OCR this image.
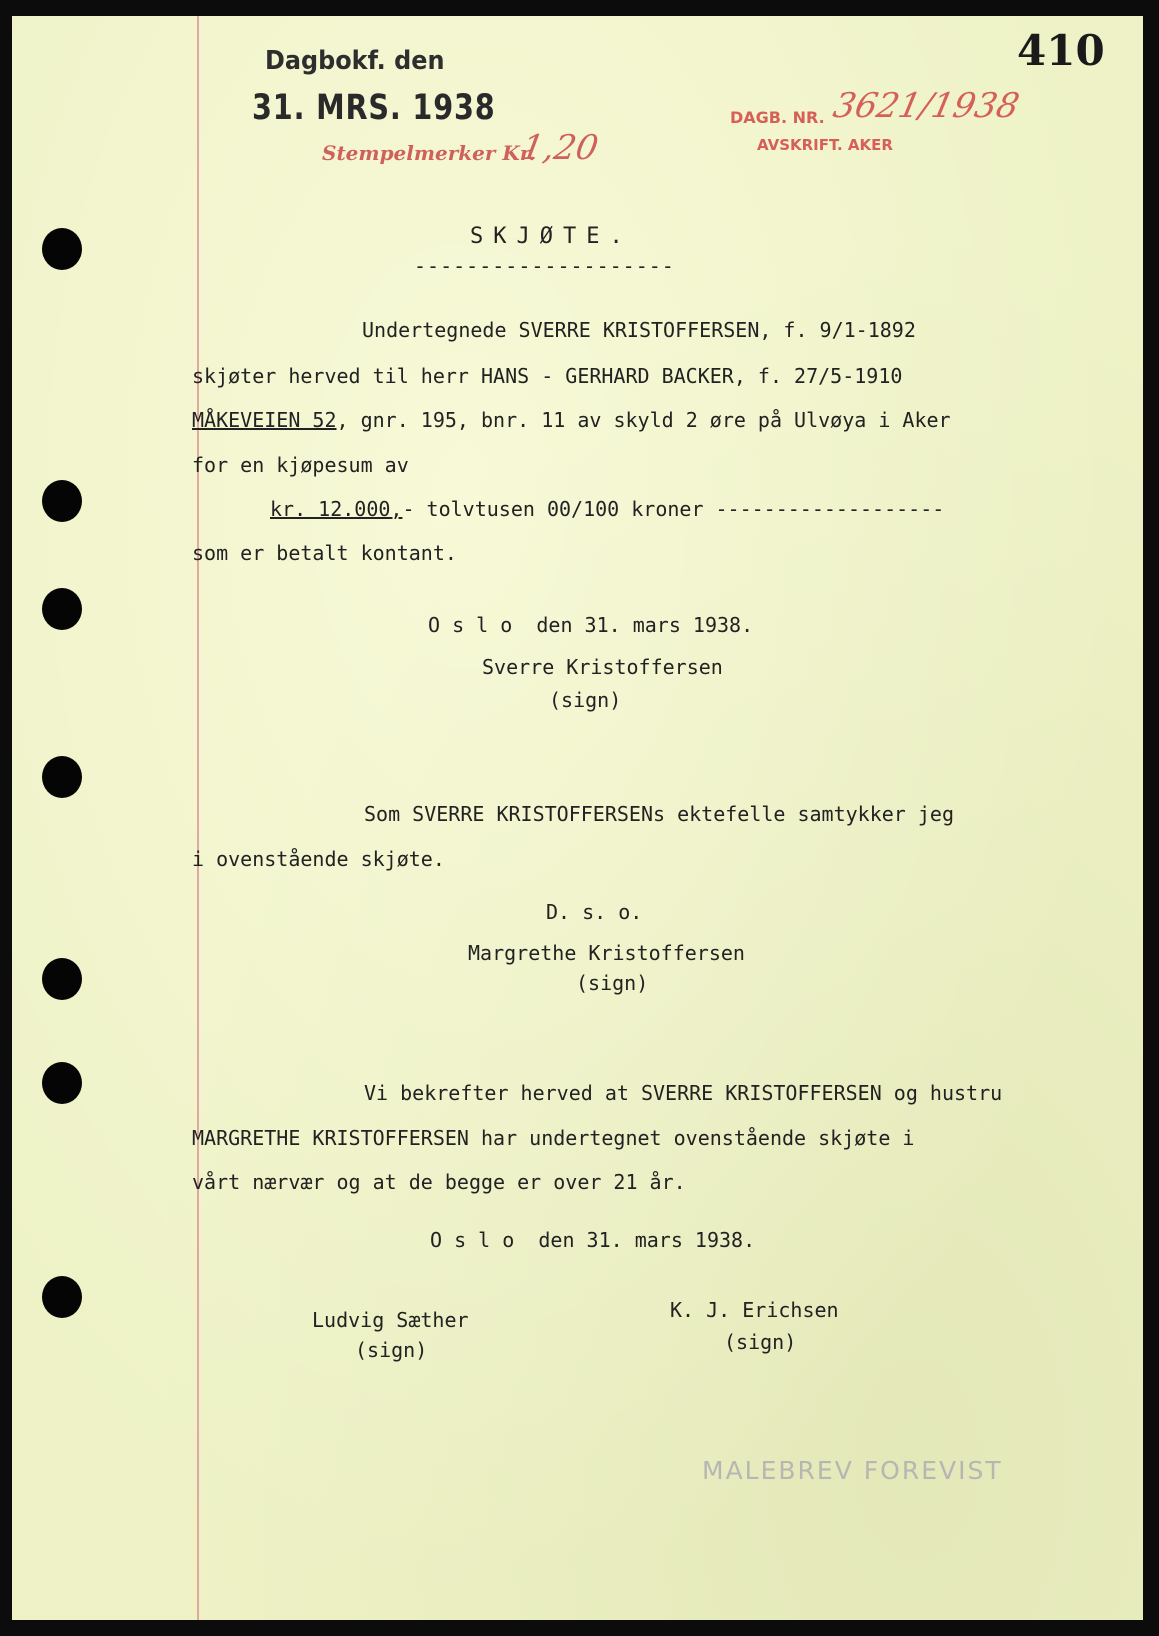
Dagbokf. den
31. MRS. 1938
Stempelmerker Kr.
1,20
DAGB. NR. 3621/1938
AVSKRIFT. AKER
410
SKJØTE.
--------------------
Undertegnede SVERRE KRISTOFFERSEN, f. 9/1-1892
skjøter herved til herr HANS - GERHARD BACKER, f. 27/5-1910
MÅKEVEIEN 52, gnr. 195, bnr. 11 av skyld 2 øre på Ulvøya i Aker
for en kjøpesum av
kr. 12.000,- tolvtusen 00/100 kroner -------------------
som er betalt kontant.
O s l o  den 31. mars 1938.
Sverre Kristoffersen
(sign)
Som SVERRE KRISTOFFERSENs ektefelle samtykker jeg
i ovenstående skjøte.
D. s. o.
Margrethe Kristoffersen
(sign)
Vi bekrefter herved at SVERRE KRISTOFFERSEN og hustru
MARGRETHE KRISTOFFERSEN har undertegnet ovenstående skjøte i
vårt nærvær og at de begge er over 21 år.
O s l o  den 31. mars 1938.
Ludvig Sæther
(sign)
K. J. Erichsen
(sign)
MALEBREV FOREVIST
